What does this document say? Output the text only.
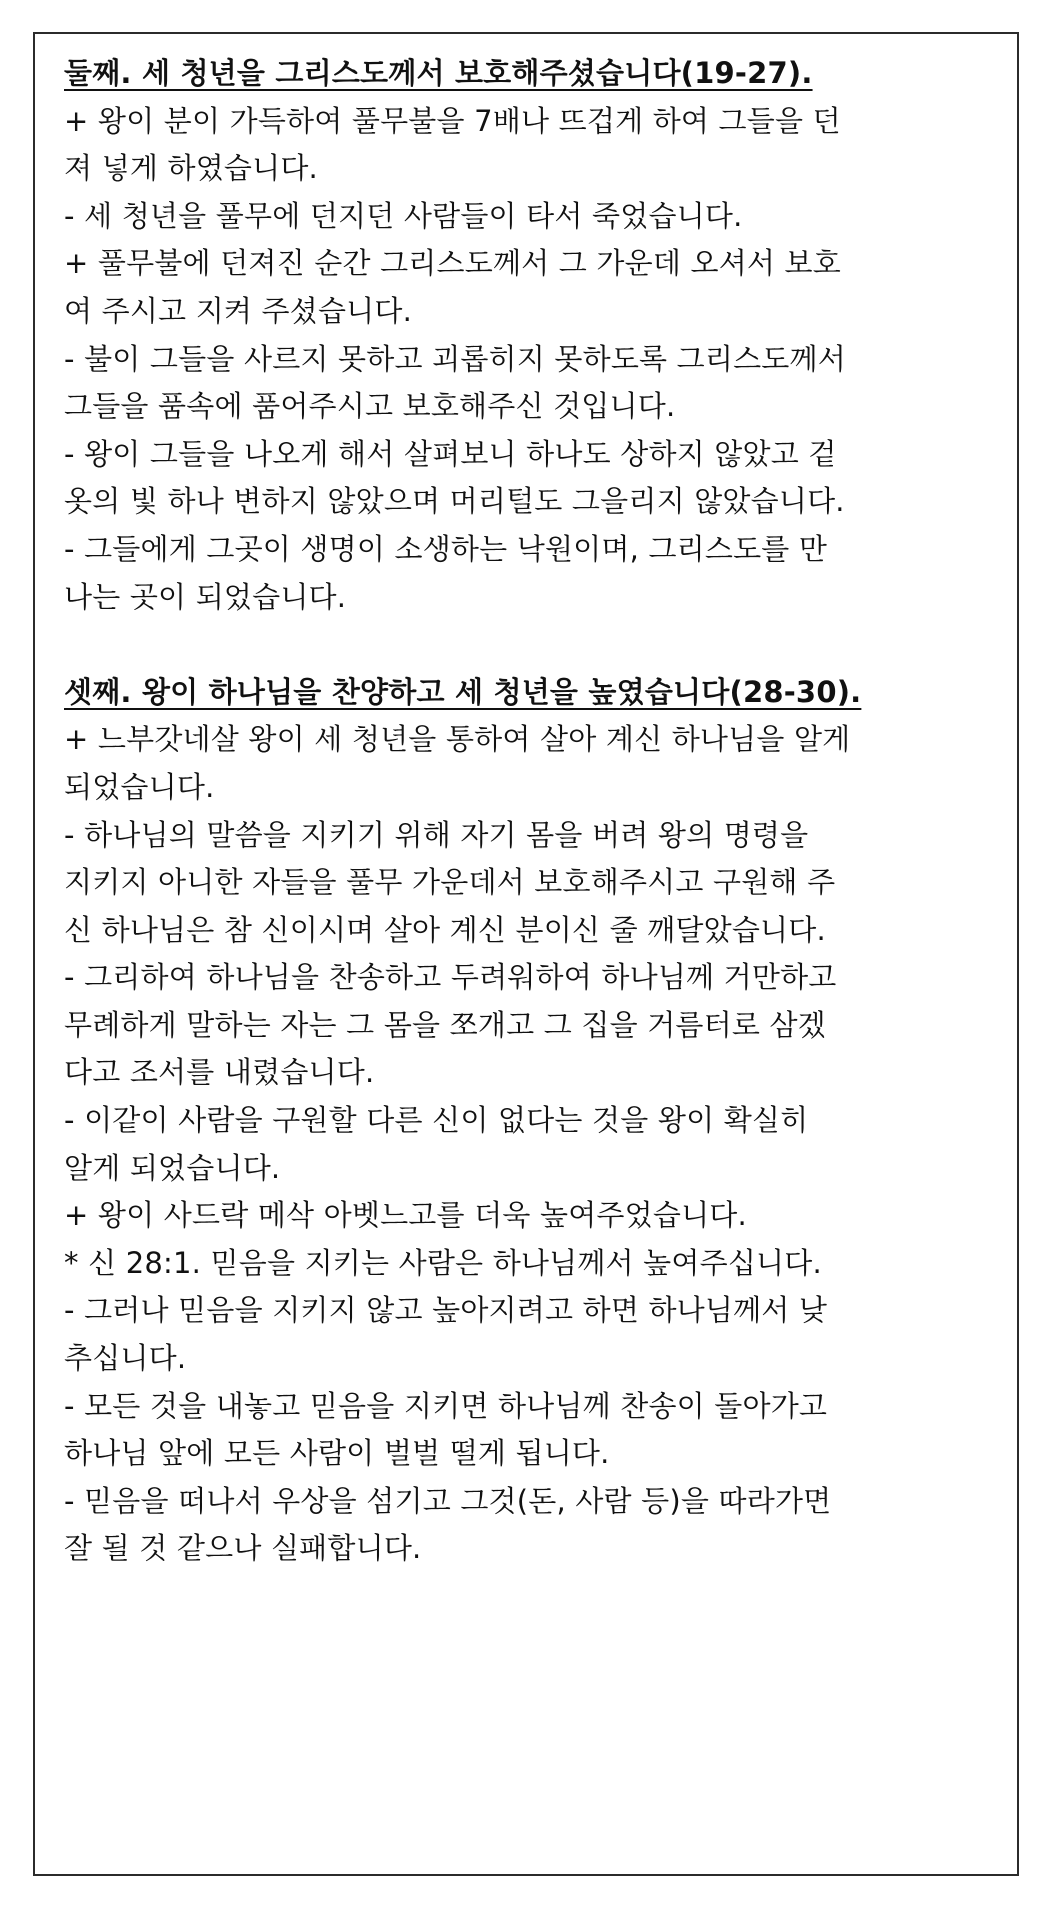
둘째. 세 청년을 그리스도께서 보호해주셨습니다(19-27).
+ 왕이 분이 가득하여 풀무불을 7배나 뜨겁게 하여 그들을 던
져 넣게 하였습니다.
- 세 청년을 풀무에 던지던 사람들이 타서 죽었습니다.
+ 풀무불에 던져진 순간 그리스도께서 그 가운데 오셔서 보호
여 주시고 지켜 주셨습니다.
- 불이 그들을 사르지 못하고 괴롭히지 못하도록 그리스도께서
그들을 품속에 품어주시고 보호해주신 것입니다.
- 왕이 그들을 나오게 해서 살펴보니 하나도 상하지 않았고 겉
옷의 빛 하나 변하지 않았으며 머리털도 그을리지 않았습니다.
- 그들에게 그곳이 생명이 소생하는 낙원이며, 그리스도를 만
나는 곳이 되었습니다.
셋째. 왕이 하나님을 찬양하고 세 청년을 높였습니다(28-30).
+ 느부갓네살 왕이 세 청년을 통하여 살아 계신 하나님을 알게
되었습니다.
- 하나님의 말씀을 지키기 위해 자기 몸을 버려 왕의 명령을
지키지 아니한 자들을 풀무 가운데서 보호해주시고 구원해 주
신 하나님은 참 신이시며 살아 계신 분이신 줄 깨달았습니다.
- 그리하여 하나님을 찬송하고 두려워하여 하나님께 거만하고
무례하게 말하는 자는 그 몸을 쪼개고 그 집을 거름터로 삼겠
다고 조서를 내렸습니다.
- 이같이 사람을 구원할 다른 신이 없다는 것을 왕이 확실히
알게 되었습니다.
+ 왕이 사드락 메삭 아벳느고를 더욱 높여주었습니다.
* 신 28:1. 믿음을 지키는 사람은 하나님께서 높여주십니다.
- 그러나 믿음을 지키지 않고 높아지려고 하면 하나님께서 낮
추십니다.
- 모든 것을 내놓고 믿음을 지키면 하나님께 찬송이 돌아가고
하나님 앞에 모든 사람이 벌벌 떨게 됩니다.
- 믿음을 떠나서 우상을 섬기고 그것(돈, 사람 등)을 따라가면
잘 될 것 같으나 실패합니다.
